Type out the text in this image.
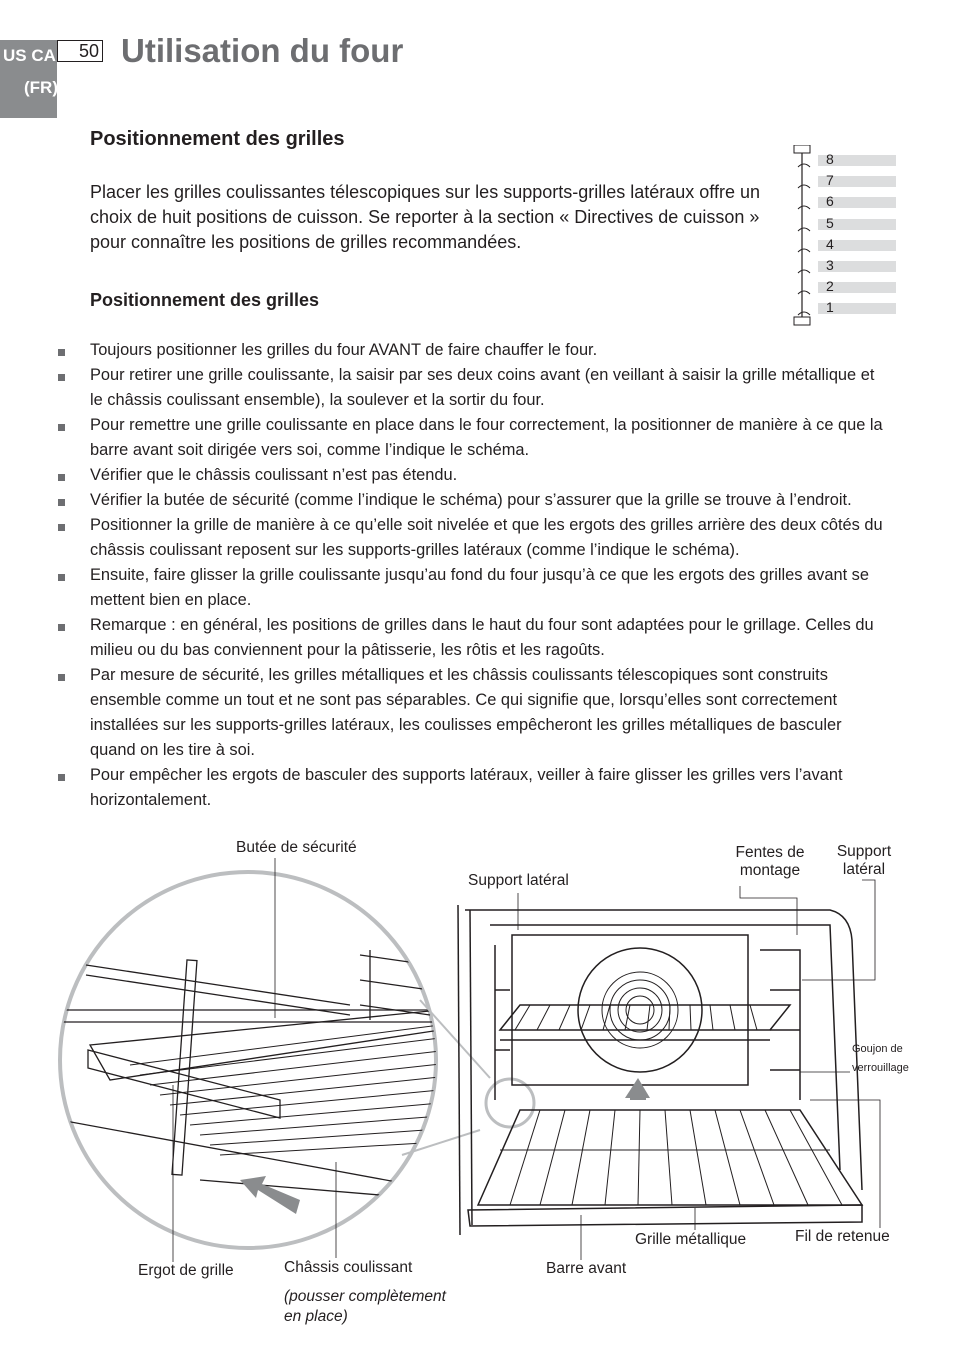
US CA
(FR)
50 Utilisation du four
Positionnement des grilles

Placer les grilles coulissantes télescopiques sur les supports-grilles latéraux offre un choix de huit positions de cuisson. Se reporter à la section « Directives de cuisson » pour connaître les positions de grilles recommandées.

Positionnement des grilles
8
7
6
5
4
3
2
1
Toujours positionner les grilles du four AVANT de faire chauffer le four.
Pour retirer une grille coulissante, la saisir par ses deux coins avant (en veillant à saisir la grille métallique et le châssis coulissant ensemble), la soulever et la sortir du four.
Pour remettre une grille coulissante en place dans le four correctement, la positionner de manière à ce que la barre avant soit dirigée vers soi, comme l’indique le schéma.
Vérifier que le châssis coulissant n’est pas étendu.
Vérifier la butée de sécurité (comme l’indique le schéma) pour s’assurer que la grille se trouve à l’endroit.
Positionner la grille de manière à ce qu’elle soit nivelée et que les ergots des grilles arrière des deux côtés du châssis coulissant reposent sur les supports-grilles latéraux (comme l’indique le schéma).
Ensuite, faire glisser la grille coulissante jusqu’au fond du four jusqu’à ce que les ergots des grilles avant se mettent bien en place.
Remarque : en général, les positions de grilles dans le haut du four sont adaptées pour le grillage. Celles du milieu ou du bas conviennent pour la pâtisserie, les rôtis et les ragoûts.
Par mesure de sécurité, les grilles métalliques et les châssis coulissants télescopiques sont construits ensemble comme un tout et ne sont pas séparables. Ce qui signifie que, lorsqu’elles sont correctement installées sur les supports-grilles latéraux, les coulisses empêcheront les grilles métalliques de basculer quand on les tire à soi.
Pour empêcher les ergots de basculer des supports latéraux, veiller à faire glisser les grilles vers l’avant horizontalement.
Butée de sécurité
Support latéral
Fentes de
montage
Support
latéral
Goujon de
verrouillage
Ergot de grille	Châssis coulissant
(pousser complètement
en place)
Barre avant
Grille métallique	Fil de retenue
